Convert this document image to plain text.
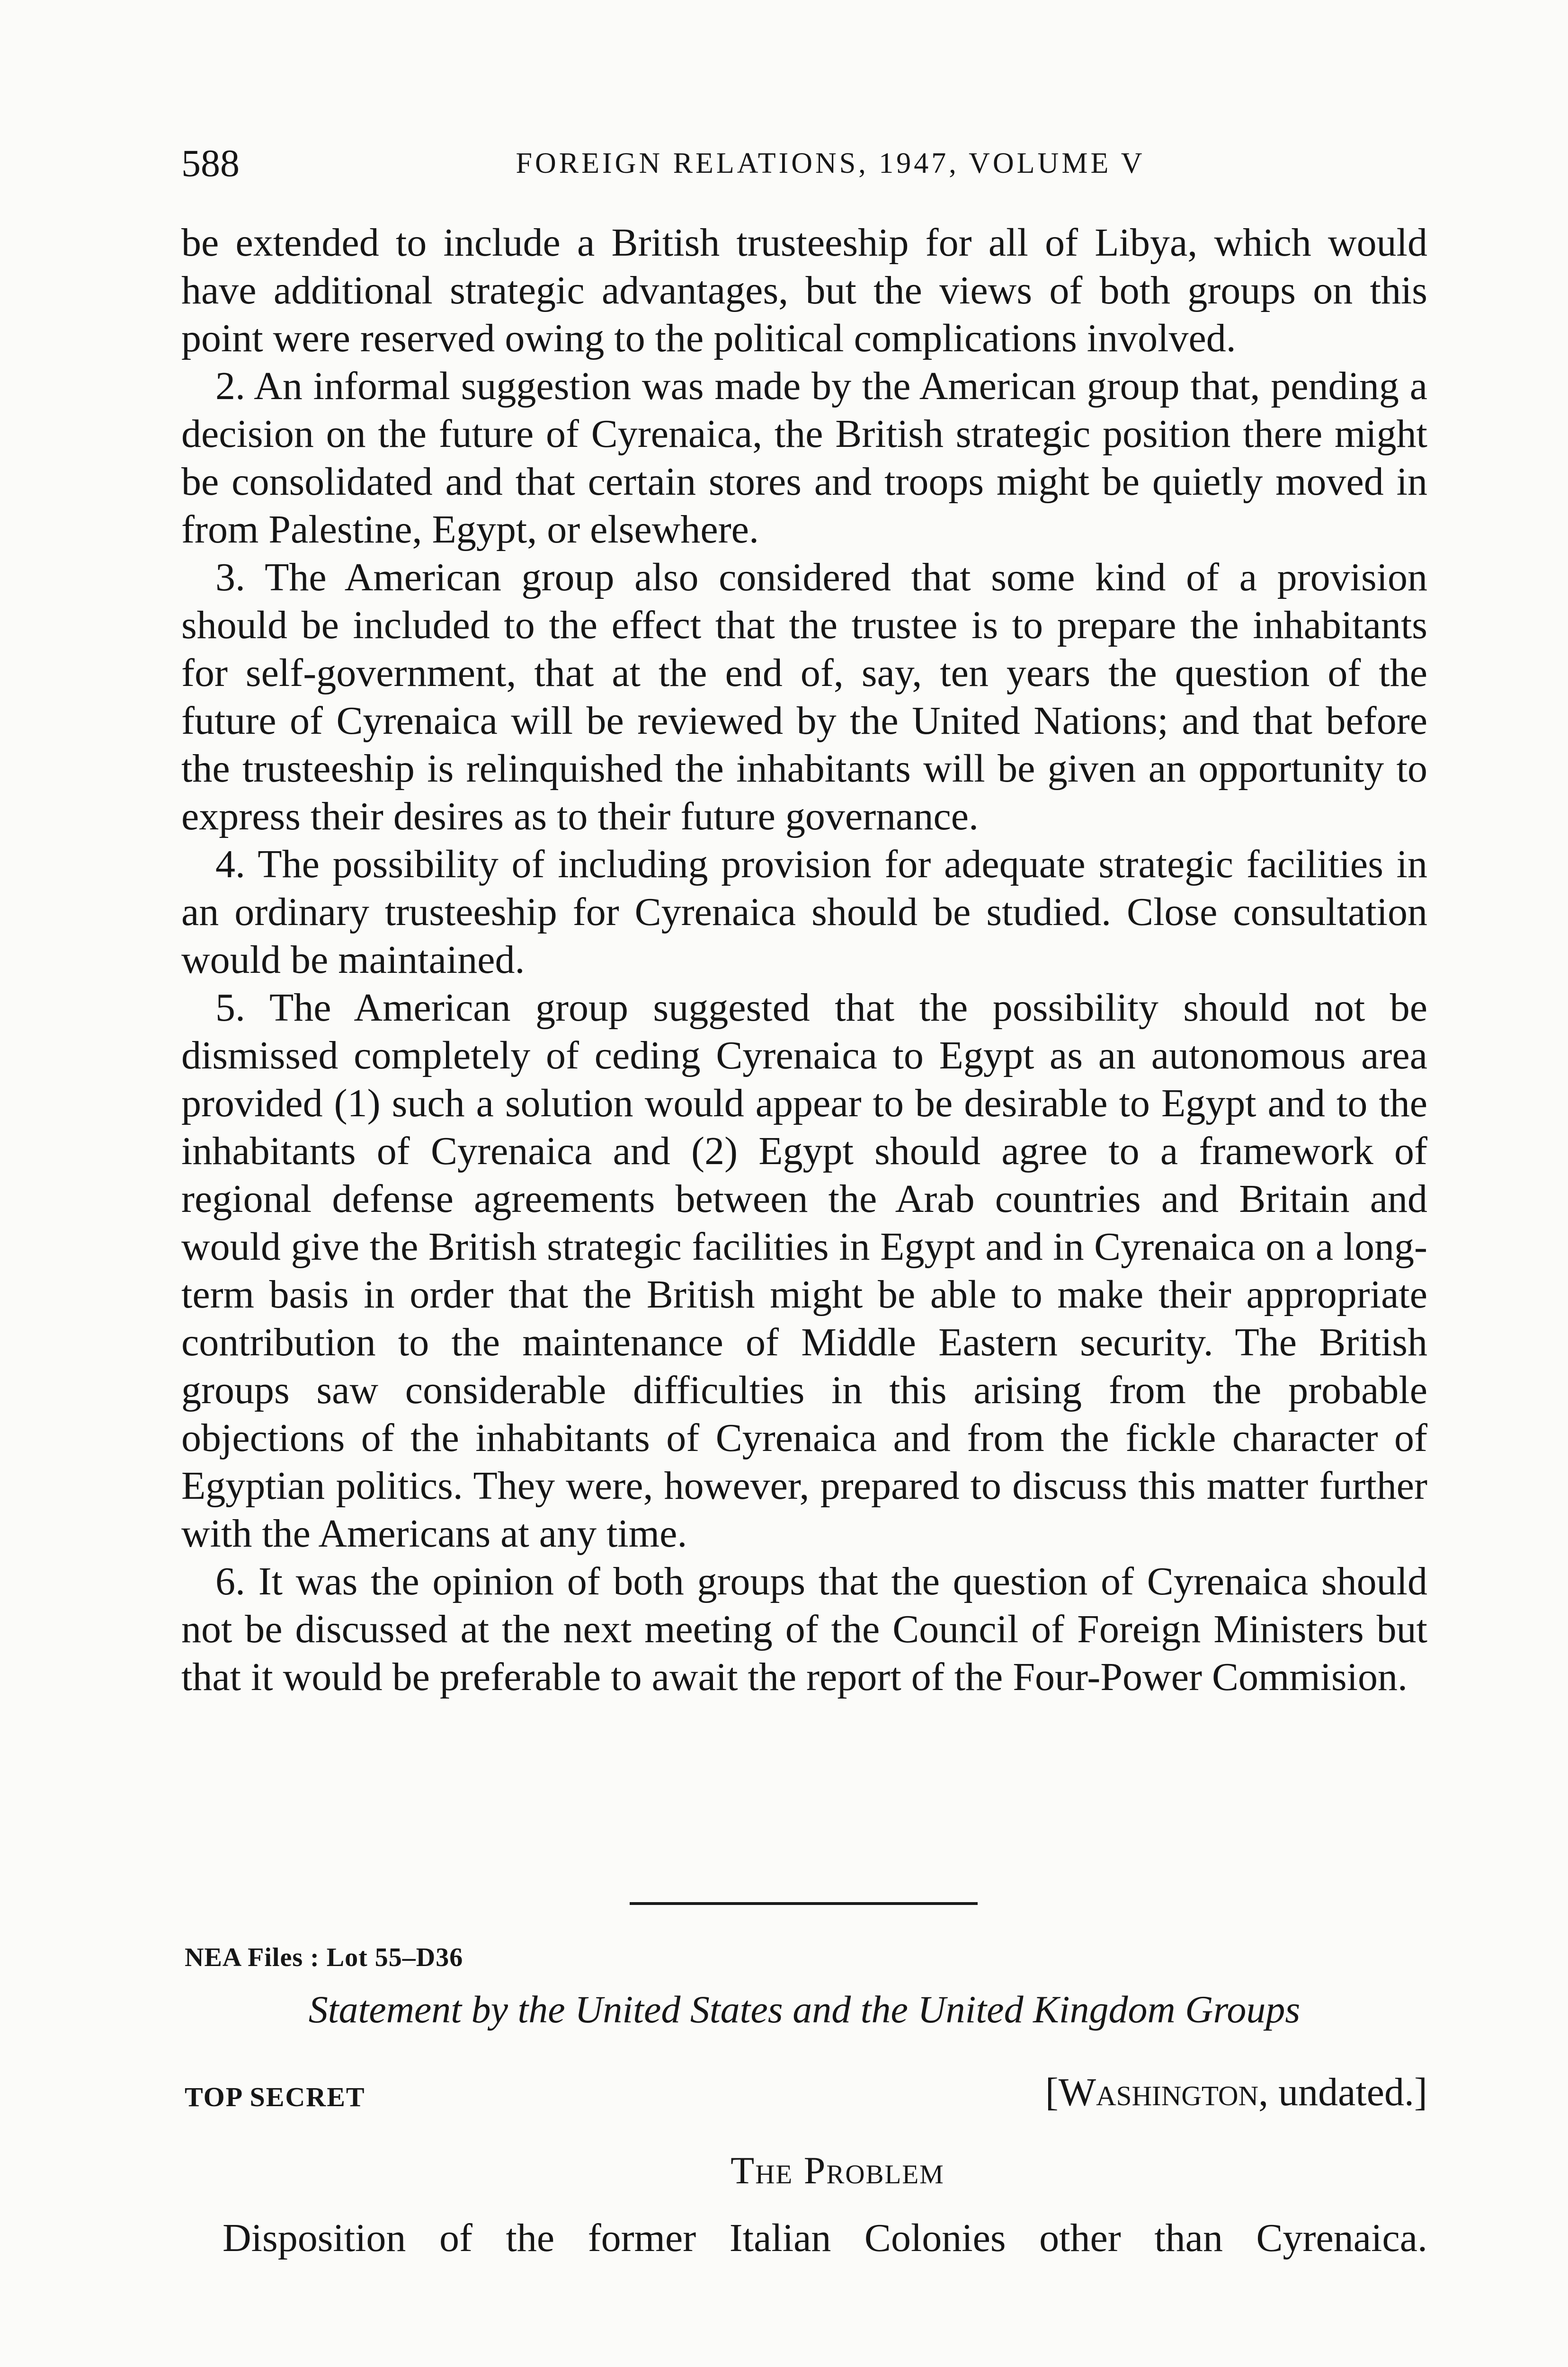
588	FOREIGN RELATIONS, 1947, VOLUME V

be extended to include a British trusteeship for all of Libya, which would have additional strategic advantages, but the views of both groups on this point were reserved owing to the political complications involved.

2. An informal suggestion was made by the American group that, pending a decision on the future of Cyrenaica, the British strategic position there might be consolidated and that certain stores and troops might be quietly moved in from Palestine, Egypt, or elsewhere.

3. The American group also considered that some kind of a provision should be included to the effect that the trustee is to prepare the inhabitants for self-government, that at the end of, say, ten years the question of the future of Cyrenaica will be reviewed by the United Nations; and that before the trusteeship is relinquished the inhabitants will be given an opportunity to express their desires as to their future governance.

4. The possibility of including provision for adequate strategic facilities in an ordinary trusteeship for Cyrenaica should be studied. Close consultation would be maintained.

5. The American group suggested that the possibility should not be dismissed completely of ceding Cyrenaica to Egypt as an autonomous area provided (1) such a solution would appear to be desirable to Egypt and to the inhabitants of Cyrenaica and (2) Egypt should agree to a framework of regional defense agreements between the Arab countries and Britain and would give the British strategic facilities in Egypt and in Cyrenaica on a long-term basis in order that the British might be able to make their appropriate contribution to the maintenance of Middle Eastern security. The British groups saw considerable difficulties in this arising from the probable objections of the inhabitants of Cyrenaica and from the fickle character of Egyptian politics. They were, however, prepared to discuss this matter further with the Americans at any time.

6. It was the opinion of both groups that the question of Cyrenaica should not be discussed at the next meeting of the Council of Foreign Ministers but that it would be preferable to await the report of the Four-Power Commision.

NEA Files : Lot 55–D36
Statement by the United States and the United Kingdom Groups
TOP SECRET	[Washington, undated.]
The Problem
Disposition of the former Italian Colonies other than Cyrenaica.
